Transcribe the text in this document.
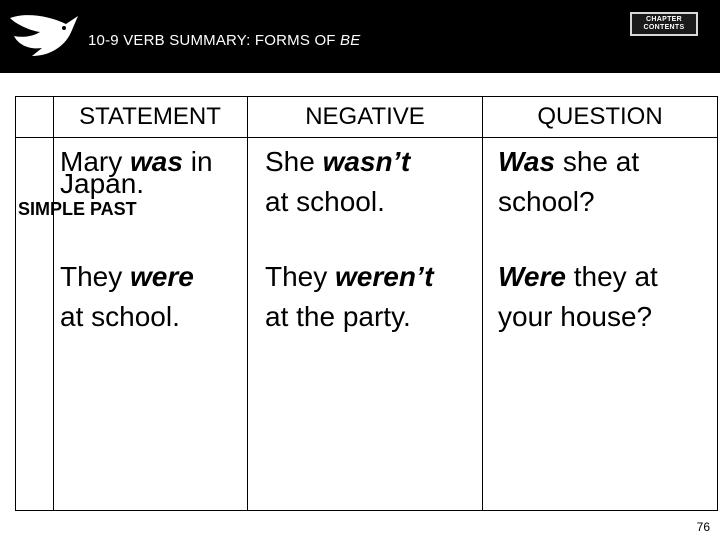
10-9 VERB SUMMARY: FORMS OF BE
CHAPTER
CONTENTS
STATEMENT	NEGATIVE	QUESTION
Mary was in
Japan.
SIMPLE PAST
She wasn’t
at school.
Was she at
school?
They were
at school.
They weren’t
at the party.
Were they at
your house?
76
